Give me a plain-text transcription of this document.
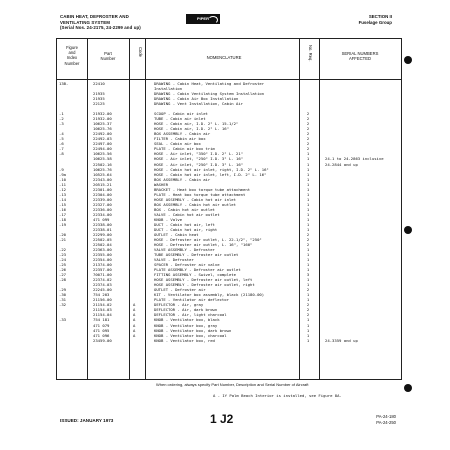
CABIN HEAT, DEFROSTER AND
VENTILATING SYSTEM
(Serial Nos. 24-2175, 24-2299 and up)
PIPER	SECTION II
Fuselage Group
Figure
and
Index
Number
Part
Number
Code
NOMENCLATURE	No. Req.	SERIAL NUMBERS
AFFECTED
13B-	22410	DRAWING - Cabin Heat, Ventilating and Defroster
Installation
21935	DRAWING - Cabin Ventilating System Installation
21935	DRAWING - Cabin Air Box Installation
22125	DRAWING - Vent Installation, Cabin Air
-1	21932-00	SCOOP - Cabin air inlet	2
-2	21932-00	TUBE - Cabin air inlet	2
-3	10625-37	HOSE - Cabin air, I.D. 2" L. 15-1/2"	2
10625-76	HOSE - Cabin air, I.D. 2" L. 16"	2
-4	22492-00	BOX ASSEMBLY - Cabin air	2
-5	22492-03	FILTER - Cabin air box	2
-6	22497-00	SEAL - Cabin air box	2
-7	22494-00	PLATE - Cabin air box trim	2
-8	10625-56	HOSE - Air inlet, "350" I.D. 2" L. 21"	1
10625-58	HOSE - Air inlet, "250" I.D. 3" L. 16"	1	24-1 to 24-2863 inclusive
22502-16	HOSE - Air inlet, "250" I.D. 3" L. 16"	1	24-2844 and up
-9	10625-76	HOSE - Cabin hot air inlet, right, I.D. 2" L. 16"	1
-9a	10525-64	HOSE - Cabin hot air inlet, left, I.D. 2" L. 16"	1
-10	22343-00	BOX ASSEMBLY - Cabin air	1
-11	20515-21	WASHER	1
-12	22301-00	BRACKET - Heat box torque tube attachment	1
-13	22304-00	PLATE - Heat box torque tube attachment	1
-14	22339-00	HOSE ASSEMBLY - Cabin hot air inlet	1
-15	22327-00	BOX ASSEMBLY - Cabin hot air outlet	1
-16	22336-00	BOX - Cabin hot air outlet	1
-17	22334-00	VALVE - Cabin hot air outlet	1
-18	471 099	KNOB - Valve	1
-19	22338-00	DUCT - Cabin hot air, left	1
22338-01	DUCT - Cabin hot air, right	1
-20	22299-00	OUTLET - Cabin heat	2
-21	22502-05	HOSE - Defroster air outlet, L. 22-1/2", "250"	2
22502-04	HOSE - Defroster air outlet, L. 16", "160"	2
-22	22363-00	VALVE ASSEMBLY - Defroster	1
-23	22355-00	TUBE ASSEMBLY - Defroster air outlet	1
-24	22354-00	VALVE - Defroster	1
-25	21374-00	SPACER - Defroster air valve	1
-26	22357-00	PLATE ASSEMBLY - Defroster air outlet	1
-27	70071-00	FITTING ASSEMBLY - Swivel, complete	3
-28	22374-02	HOSE ASSEMBLY - Defroster air outlet, left	1
22374-03	HOSE ASSEMBLY - Defroster air outlet, right	1
-29	22245-00	OUTLET - Defroster air	2
-30	754 203	KIT - Ventilator box assembly, black (21180-00)	1
-31	21156-00	PLATE - Ventilator air deflector	1
-32	21154-02	A	DEFLECTOR - Air, gray	2
21154-03	A	DEFLECTOR - Air, dark brown	2
21154-04	A	DEFLECTOR - Air, light charcoal	2
-33	754 181	A	KNOB - Ventilator box, black	1
471 079	A	KNOB - Ventilator box, gray	1
471 095	A	KNOB - Ventilator box, dark brown	1
471 096	A	KNOB - Ventilator box, charcoal	1
23459-00	KNOB - Ventilator box, red	1	24-3359 and up
A - If Palm Beach Interior is installed, see Figure 8A.
When ordering, always specify Part Number, Description and Serial Number of Aircraft
ISSUED: JANUARY 1973	1 J2	PA-24-180
PA-24-250
